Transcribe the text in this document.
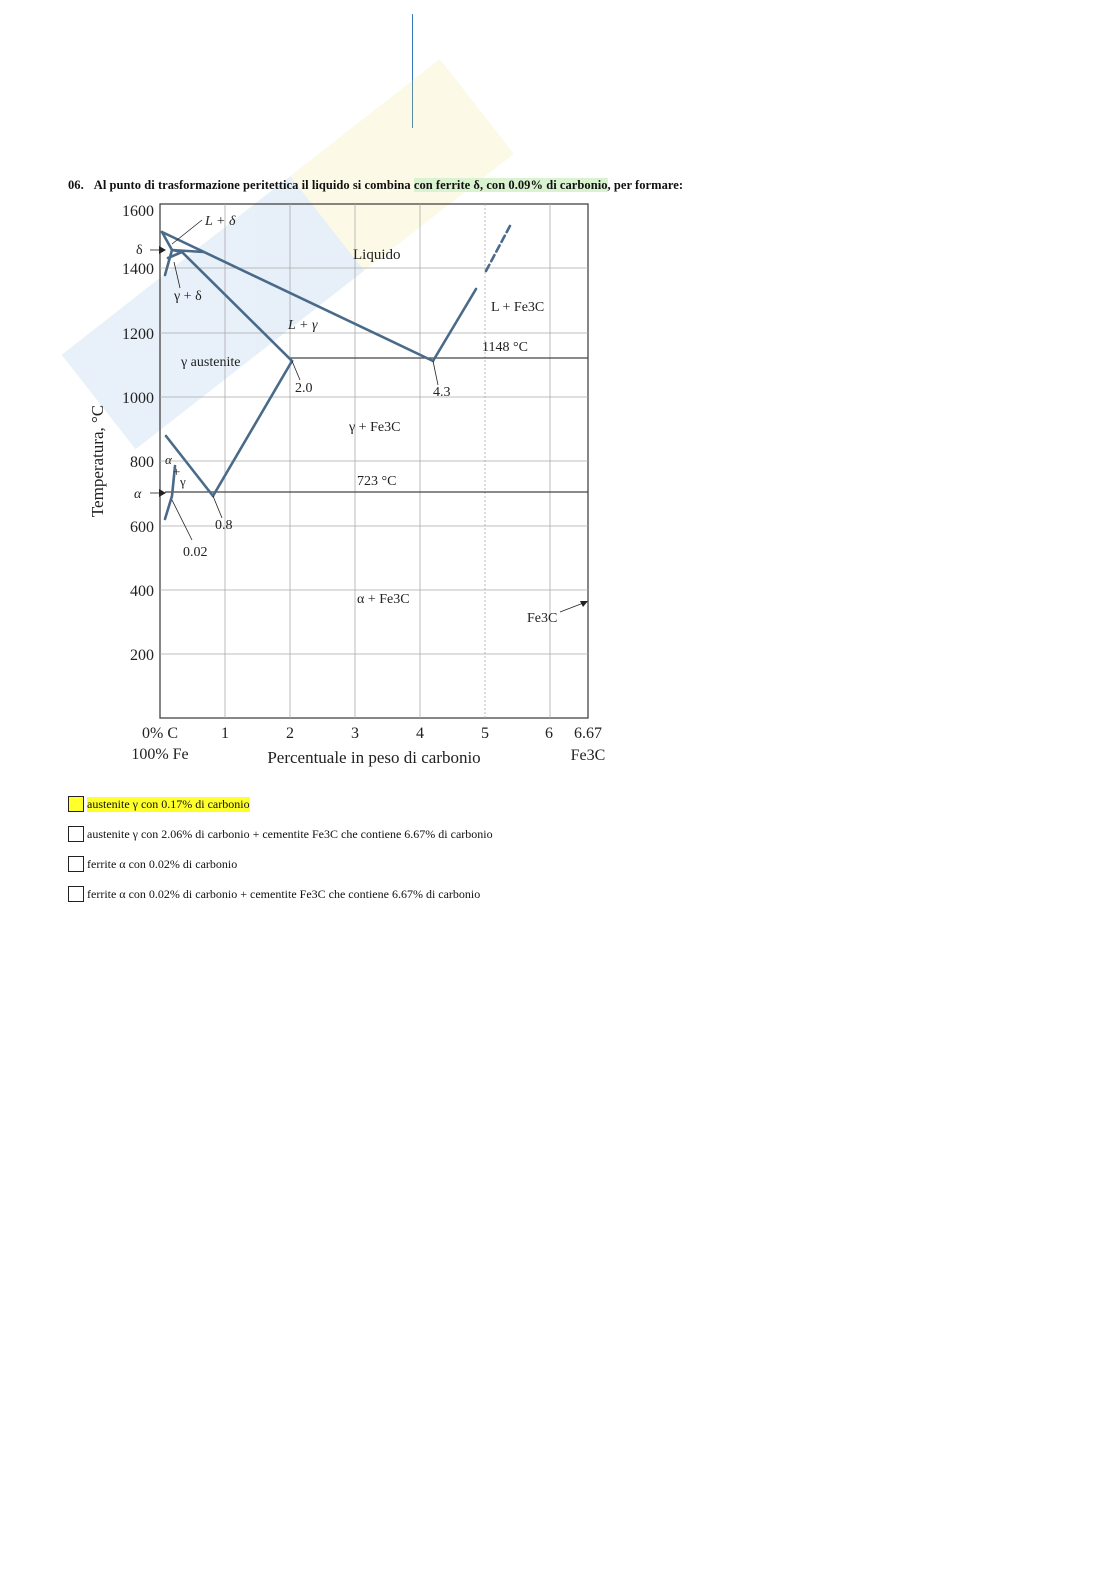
06. Al punto di trasformazione peritettica il liquido si combina con ferrite δ, con 0.09% di carbonio, per formare:
1600
1400
1200
1000
800
600
400
200
1	2	3	4	5	6 6.67
0% C
100% Fe	Fe3C
Percentuale in peso di carbonio
Temperatura, °C
Liquido
L + δ
L + γ
γ + δ
γ austenite
γ + Fe3C
α + Fe3C
L + Fe3C
Fe3C
α
+
γ
2.0	4.3
0.8
0.02
1148 °C
723 °C
δ
α
austenite γ con 0.17% di carbonio
austenite γ con 2.06% di carbonio + cementite Fe3C che contiene 6.67% di carbonio
ferrite α con 0.02% di carbonio
ferrite α con 0.02% di carbonio + cementite Fe3C che contiene 6.67% di carbonio
